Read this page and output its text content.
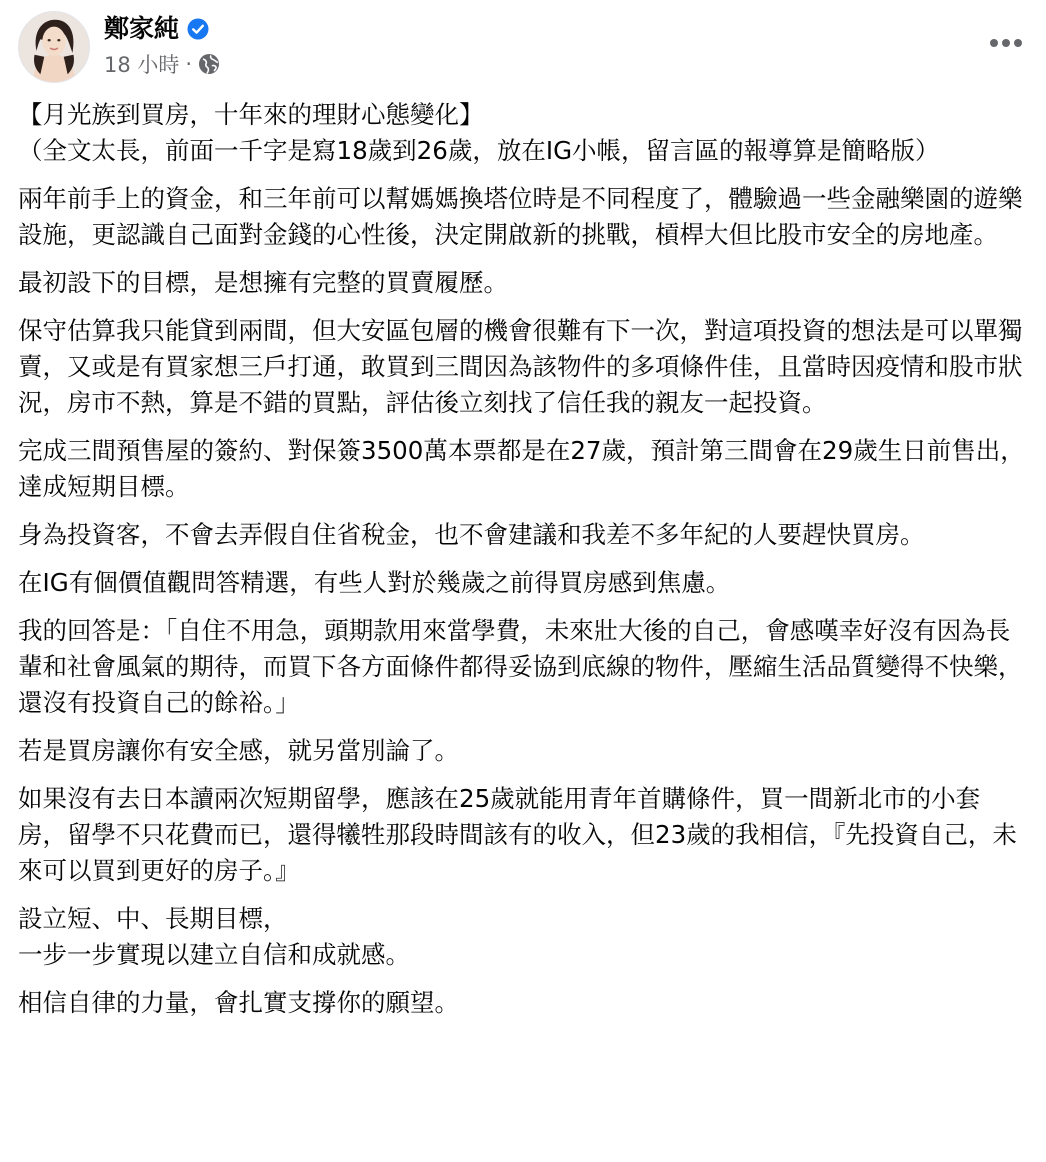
鄭家純
18 小時 ·

【月光族到買房，十年來的理財心態變化】
（全文太長，前面一千字是寫18歲到26歲，放在IG小帳，留言區的報導算是簡略版）

兩年前手上的資金，和三年前可以幫媽媽換塔位時是不同程度了，體驗過一些金融樂園的遊樂設施，更認識自己面對金錢的心性後，決定開啟新的挑戰，槓桿大但比股市安全的房地產。

最初設下的目標，是想擁有完整的買賣履歷。

保守估算我只能貸到兩間，但大安區包層的機會很難有下一次，對這項投資的想法是可以單獨賣，又或是有買家想三戶打通，敢買到三間因為該物件的多項條件佳，且當時因疫情和股市狀況，房市不熱，算是不錯的買點，評估後立刻找了信任我的親友一起投資。

完成三間預售屋的簽約、對保簽3500萬本票都是在27歲，預計第三間會在29歲生日前售出，達成短期目標。

身為投資客，不會去弄假自住省稅金，也不會建議和我差不多年紀的人要趕快買房。

在IG有個價值觀問答精選，有些人對於幾歲之前得買房感到焦慮。

我的回答是：「自住不用急，頭期款用來當學費，未來壯大後的自己，會感嘆幸好沒有因為長輩和社會風氣的期待，而買下各方面條件都得妥協到底線的物件，壓縮生活品質變得不快樂，還沒有投資自己的餘裕。」

若是買房讓你有安全感，就另當別論了。

如果沒有去日本讀兩次短期留學，應該在25歲就能用青年首購條件，買一間新北市的小套房，留學不只花費而已，還得犧牲那段時間該有的收入，但23歲的我相信，『先投資自己，未來可以買到更好的房子。』

設立短、中、長期目標，
一步一步實現以建立自信和成就感。

相信自律的力量，會扎實支撐你的願望。
